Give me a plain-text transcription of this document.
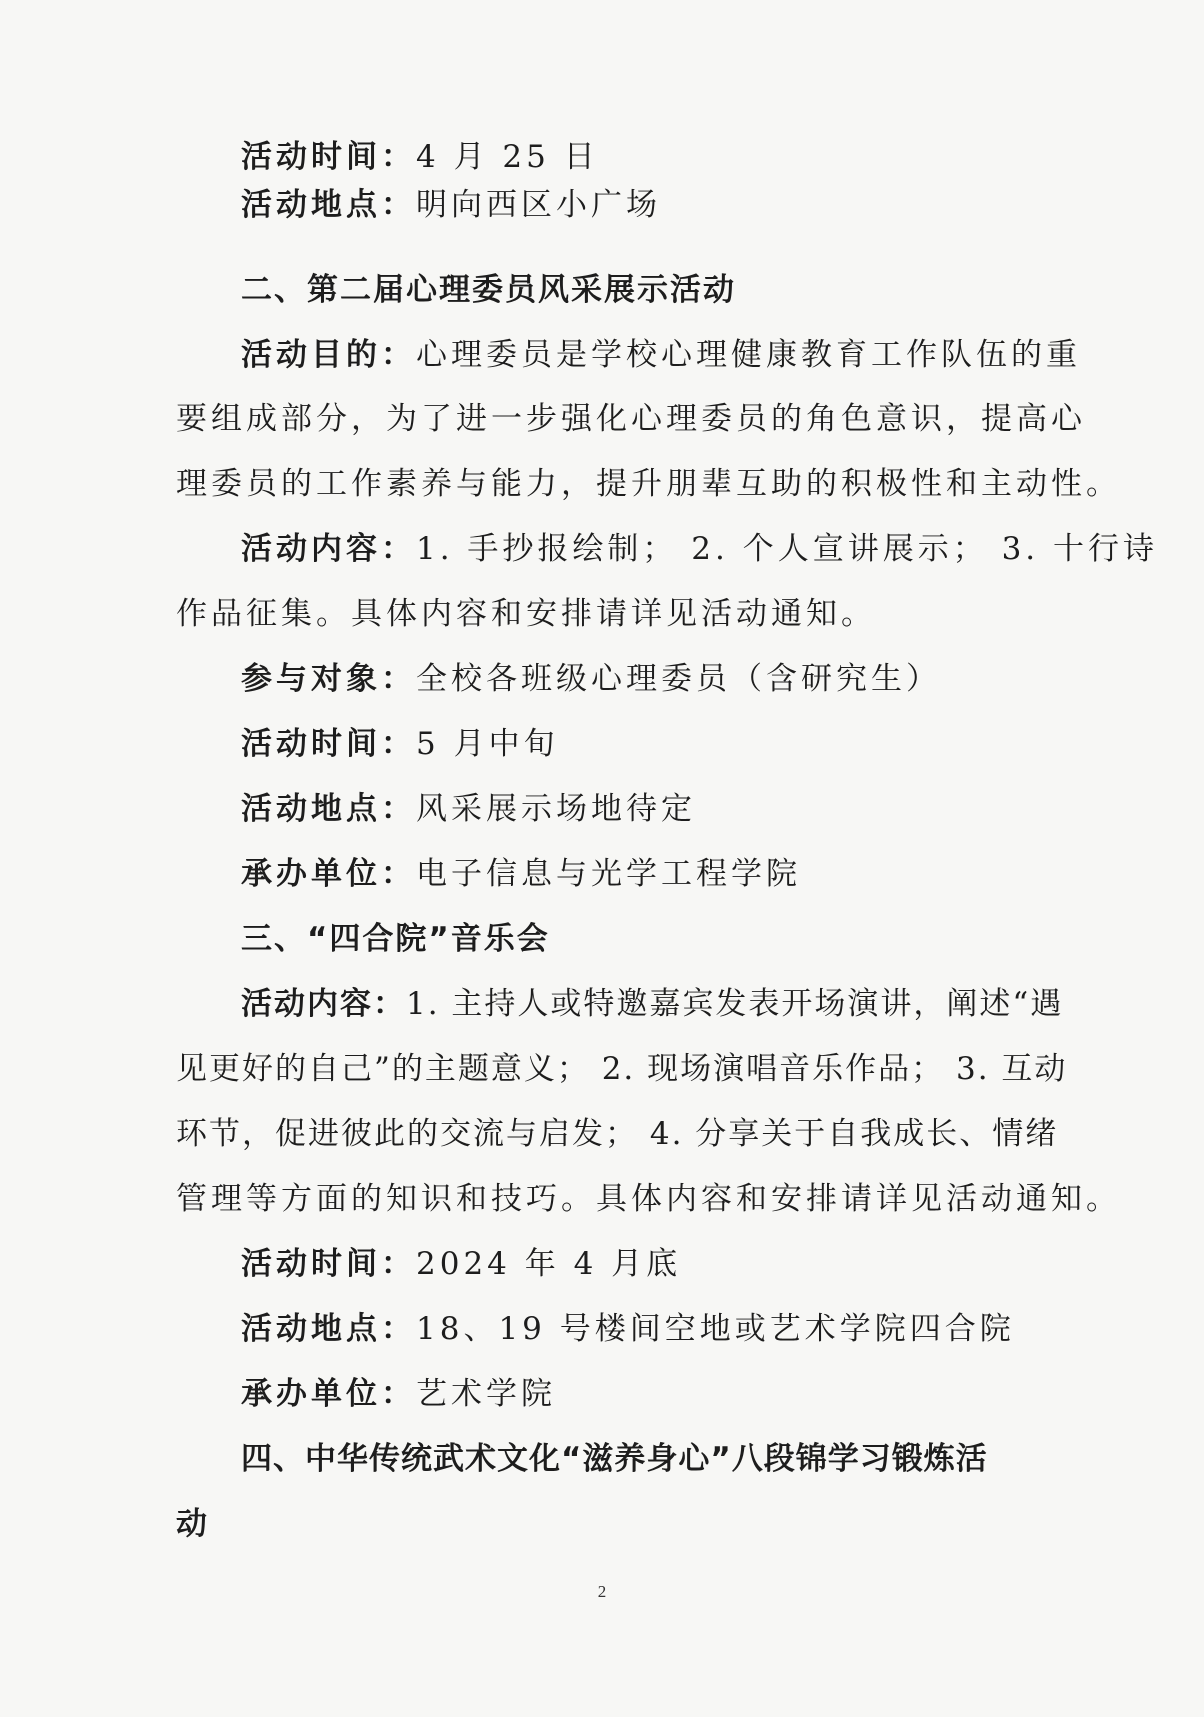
活动时间：4 月 25 日
活动地点：明向西区小广场
二、第二届心理委员风采展示活动
活动目的：心理委员是学校心理健康教育工作队伍的重
要组成部分，为了进一步强化心理委员的角色意识，提高心
理委员的工作素养与能力，提升朋辈互助的积极性和主动性。
活动内容：1. 手抄报绘制； 2. 个人宣讲展示； 3. 十行诗
作品征集。具体内容和安排请详见活动通知。
参与对象：全校各班级心理委员（含研究生）
活动时间：5 月中旬
活动地点：风采展示场地待定
承办单位：电子信息与光学工程学院
三、“四合院”音乐会
活动内容：1. 主持人或特邀嘉宾发表开场演讲，阐述“遇
见更好的自己”的主题意义； 2. 现场演唱音乐作品； 3. 互动
环节，促进彼此的交流与启发； 4. 分享关于自我成长、情绪
管理等方面的知识和技巧。具体内容和安排请详见活动通知。
活动时间：2024 年 4 月底
活动地点：18、19 号楼间空地或艺术学院四合院
承办单位：艺术学院
四、中华传统武术文化“滋养身心”八段锦学习锻炼活
动
2
